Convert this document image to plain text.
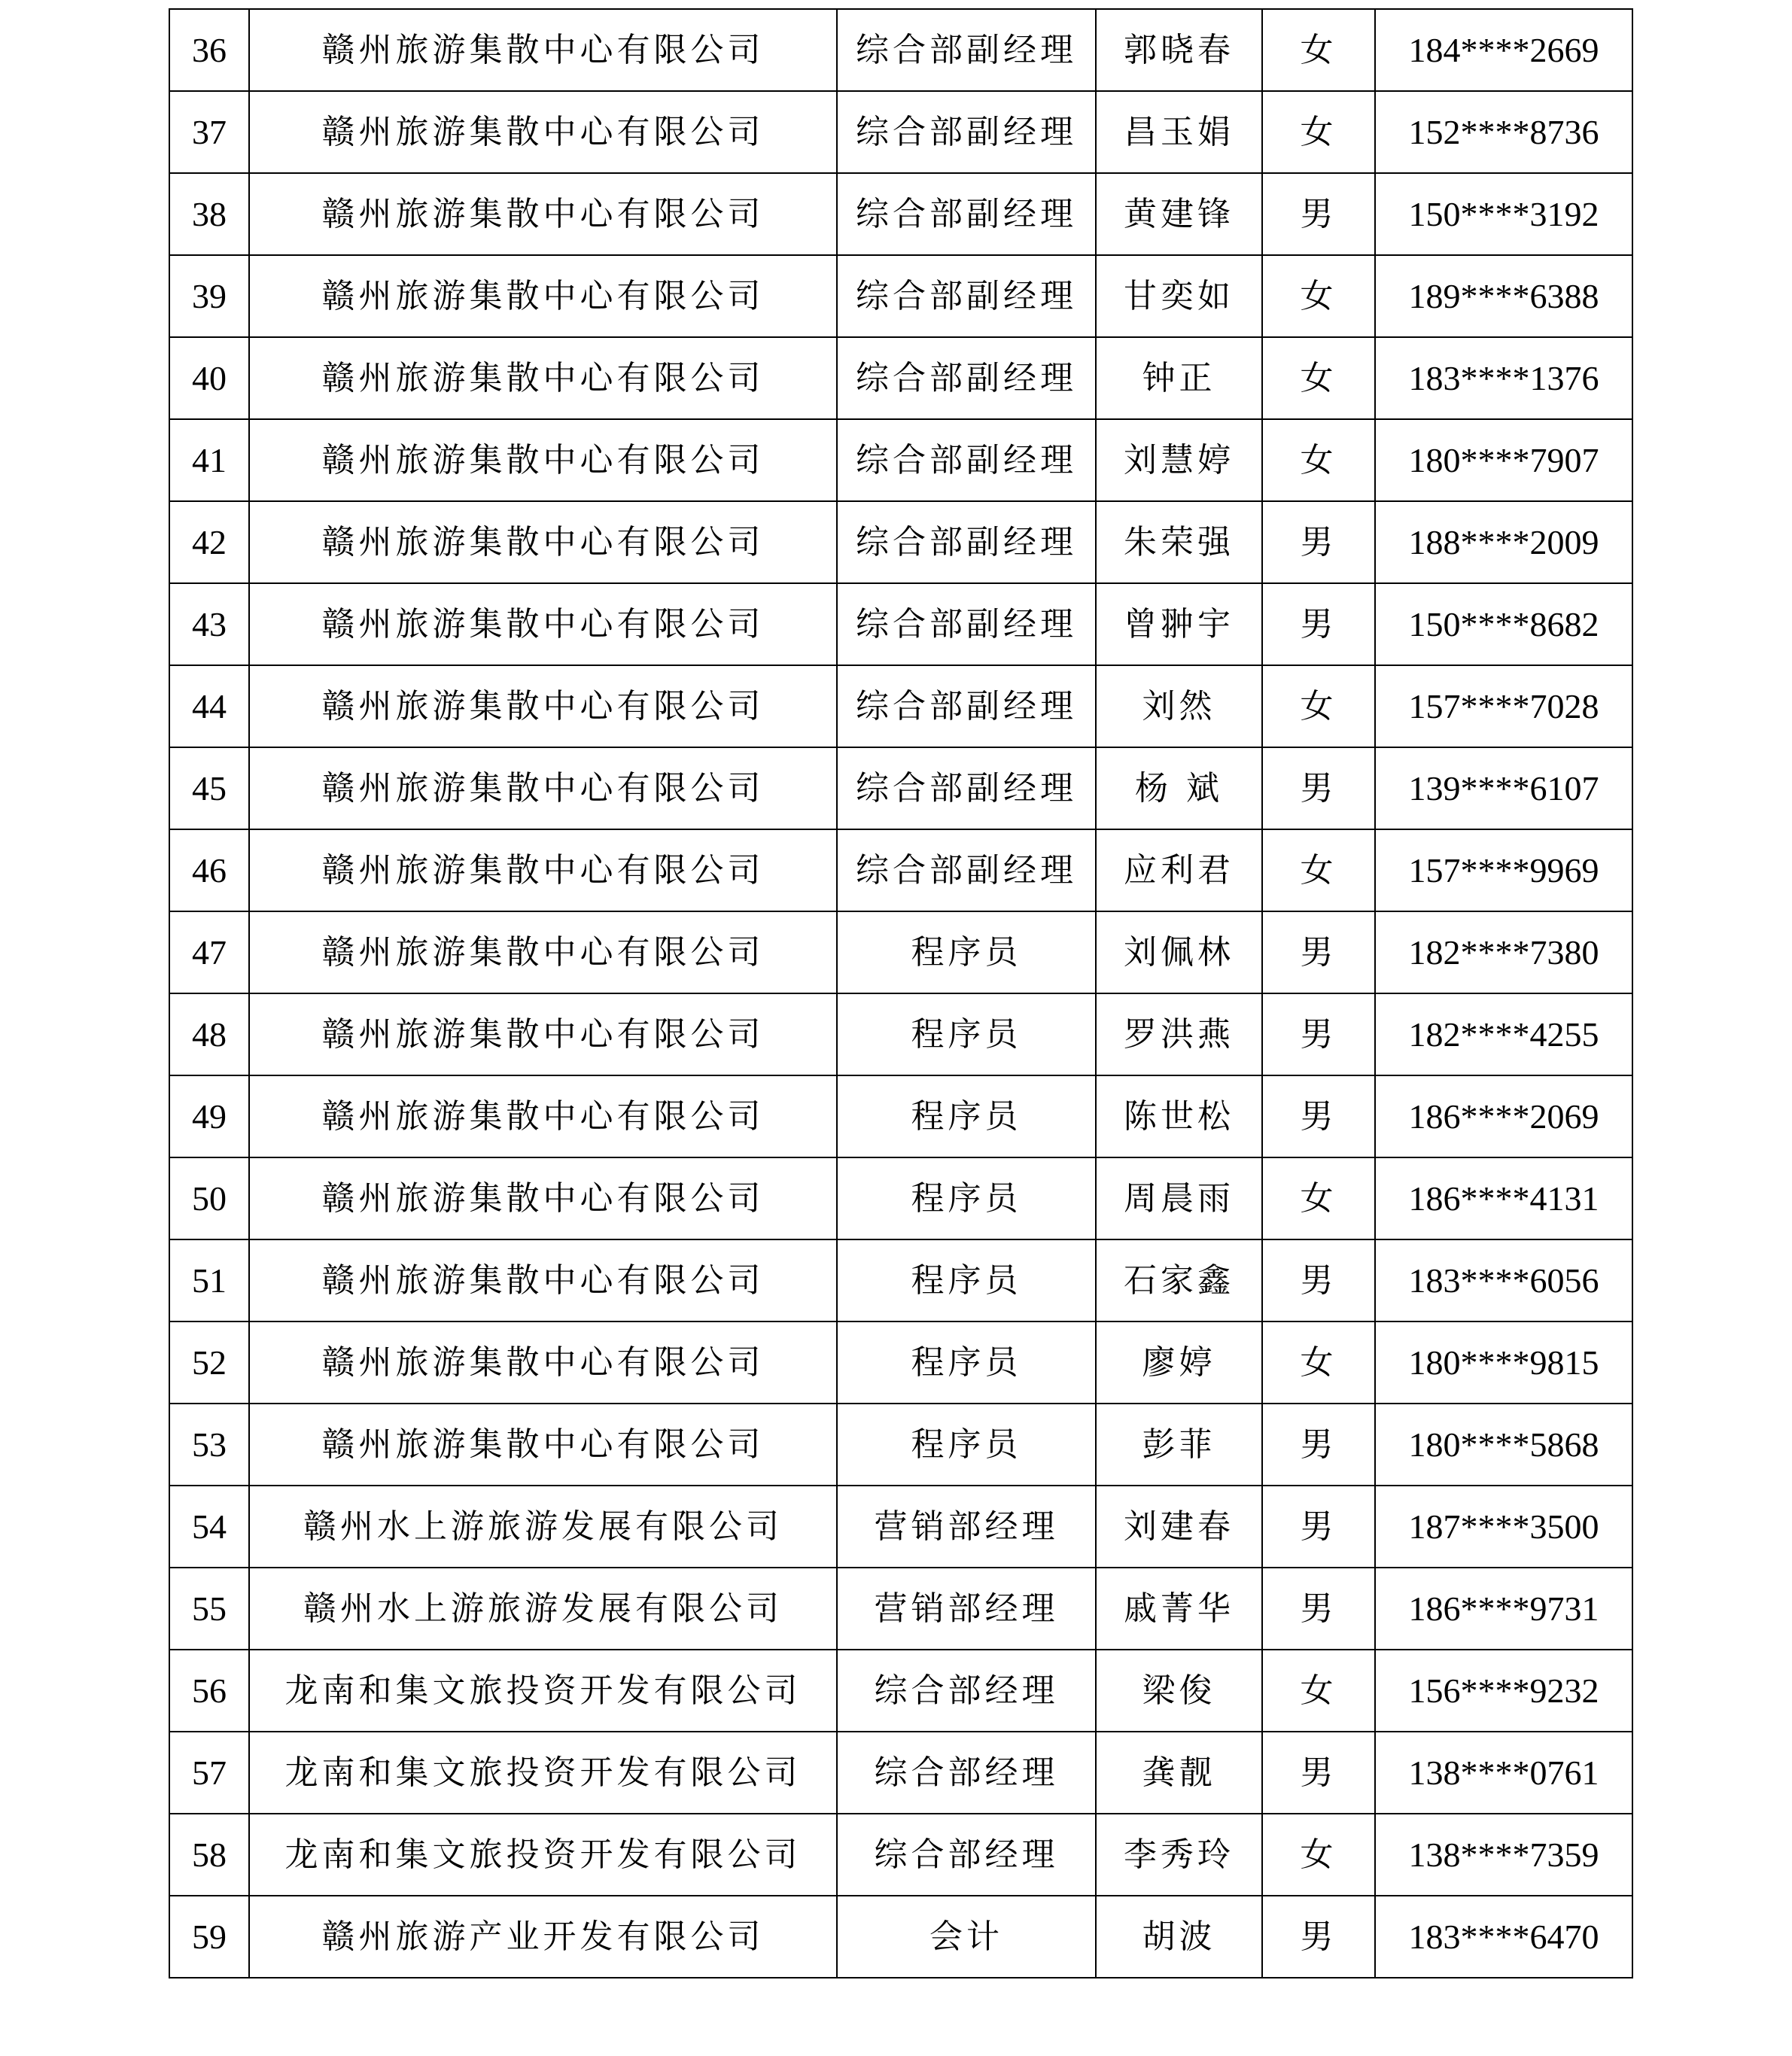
36	赣州旅游集散中心有限公司	综合部副经理	郭晓春	女	184****2669
37	赣州旅游集散中心有限公司	综合部副经理	昌玉娟	女	152****8736
38	赣州旅游集散中心有限公司	综合部副经理	黄建锋	男	150****3192
39	赣州旅游集散中心有限公司	综合部副经理	甘奕如	女	189****6388
40	赣州旅游集散中心有限公司	综合部副经理	钟正	女	183****1376
41	赣州旅游集散中心有限公司	综合部副经理	刘慧婷	女	180****7907
42	赣州旅游集散中心有限公司	综合部副经理	朱荣强	男	188****2009
43	赣州旅游集散中心有限公司	综合部副经理	曾翀宇	男	150****8682
44	赣州旅游集散中心有限公司	综合部副经理	刘然	女	157****7028
45	赣州旅游集散中心有限公司	综合部副经理	杨 斌	男	139****6107
46	赣州旅游集散中心有限公司	综合部副经理	应利君	女	157****9969
47	赣州旅游集散中心有限公司	程序员	刘佩林	男	182****7380
48	赣州旅游集散中心有限公司	程序员	罗洪燕	男	182****4255
49	赣州旅游集散中心有限公司	程序员	陈世松	男	186****2069
50	赣州旅游集散中心有限公司	程序员	周晨雨	女	186****4131
51	赣州旅游集散中心有限公司	程序员	石家鑫	男	183****6056
52	赣州旅游集散中心有限公司	程序员	廖婷	女	180****9815
53	赣州旅游集散中心有限公司	程序员	彭菲	男	180****5868
54	赣州水上游旅游发展有限公司	营销部经理	刘建春	男	187****3500
55	赣州水上游旅游发展有限公司	营销部经理	戚菁华	男	186****9731
56	龙南和集文旅投资开发有限公司	综合部经理	梁俊	女	156****9232
57	龙南和集文旅投资开发有限公司	综合部经理	龚靓	男	138****0761
58	龙南和集文旅投资开发有限公司	综合部经理	李秀玲	女	138****7359
59	赣州旅游产业开发有限公司	会计	胡波	男	183****6470
